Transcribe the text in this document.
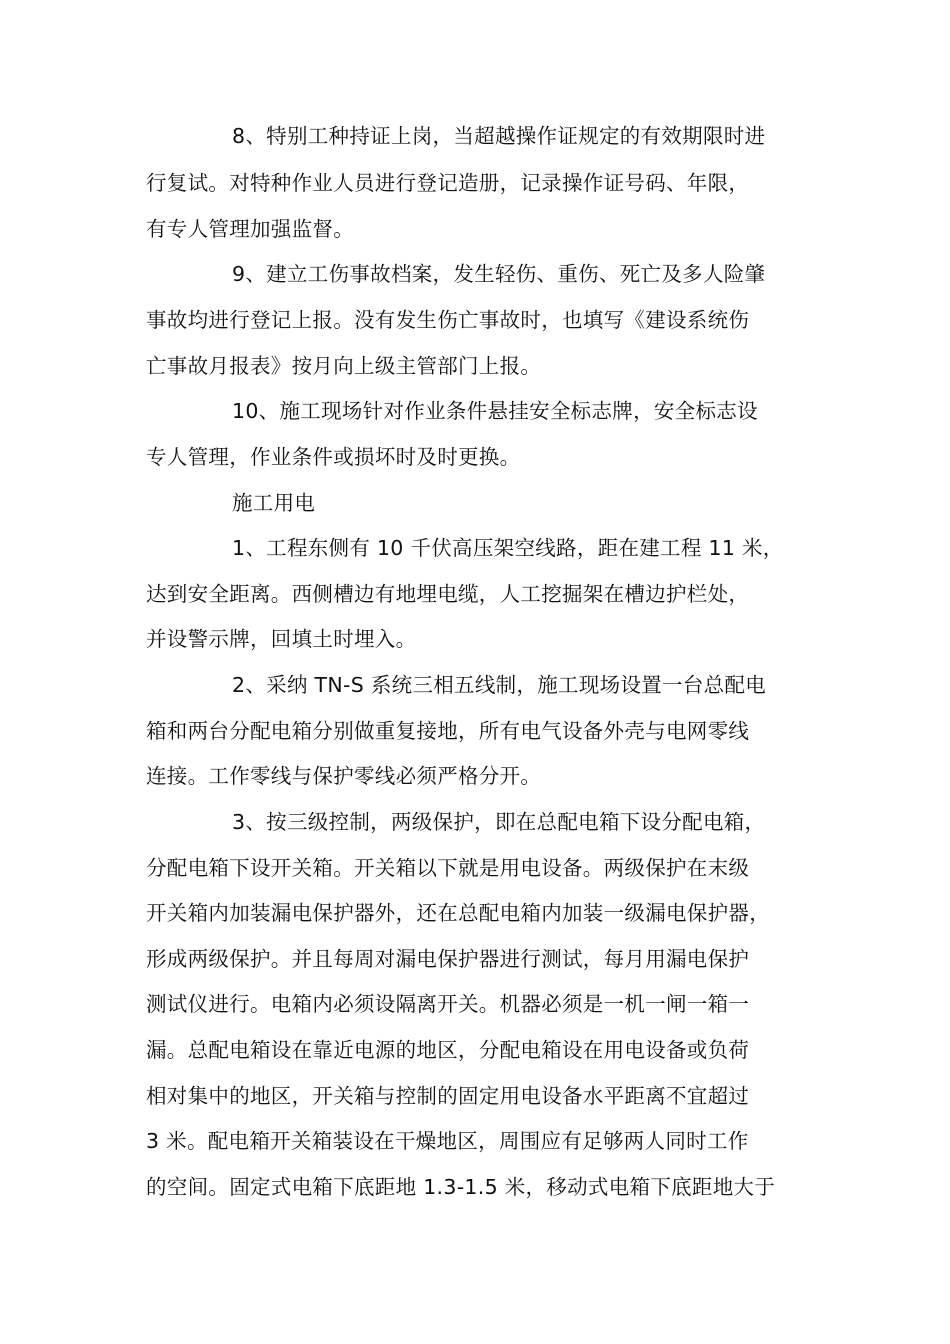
8、特别工种持证上岗，当超越操作证规定的有效期限时进
行复试。对特种作业人员进行登记造册，记录操作证号码、年限，
有专人管理加强监督。
9、建立工伤事故档案，发生轻伤、重伤、死亡及多人险肇
事故均进行登记上报。没有发生伤亡事故时，也填写《建设系统伤
亡事故月报表》按月向上级主管部门上报。
10、施工现场针对作业条件悬挂安全标志牌，安全标志设
专人管理，作业条件或损坏时及时更换。
施工用电
1、工程东侧有 10 千伏高压架空线路，距在建工程 11 米，
达到安全距离。西侧槽边有地埋电缆，人工挖掘架在槽边护栏处，
并设警示牌，回填土时埋入。
2、采纳 TN-S 系统三相五线制，施工现场设置一台总配电
箱和两台分配电箱分别做重复接地，所有电气设备外壳与电网零线
连接。工作零线与保护零线必须严格分开。
3、按三级控制，两级保护，即在总配电箱下设分配电箱，
分配电箱下设开关箱。开关箱以下就是用电设备。两级保护在末级
开关箱内加装漏电保护器外，还在总配电箱内加装一级漏电保护器，
形成两级保护。并且每周对漏电保护器进行测试，每月用漏电保护
测试仪进行。电箱内必须设隔离开关。机器必须是一机一闸一箱一
漏。总配电箱设在靠近电源的地区，分配电箱设在用电设备或负荷
相对集中的地区，开关箱与控制的固定用电设备水平距离不宜超过
3 米。配电箱开关箱装设在干燥地区，周围应有足够两人同时工作
的空间。固定式电箱下底距地 1.3-1.5 米，移动式电箱下底距地大于
